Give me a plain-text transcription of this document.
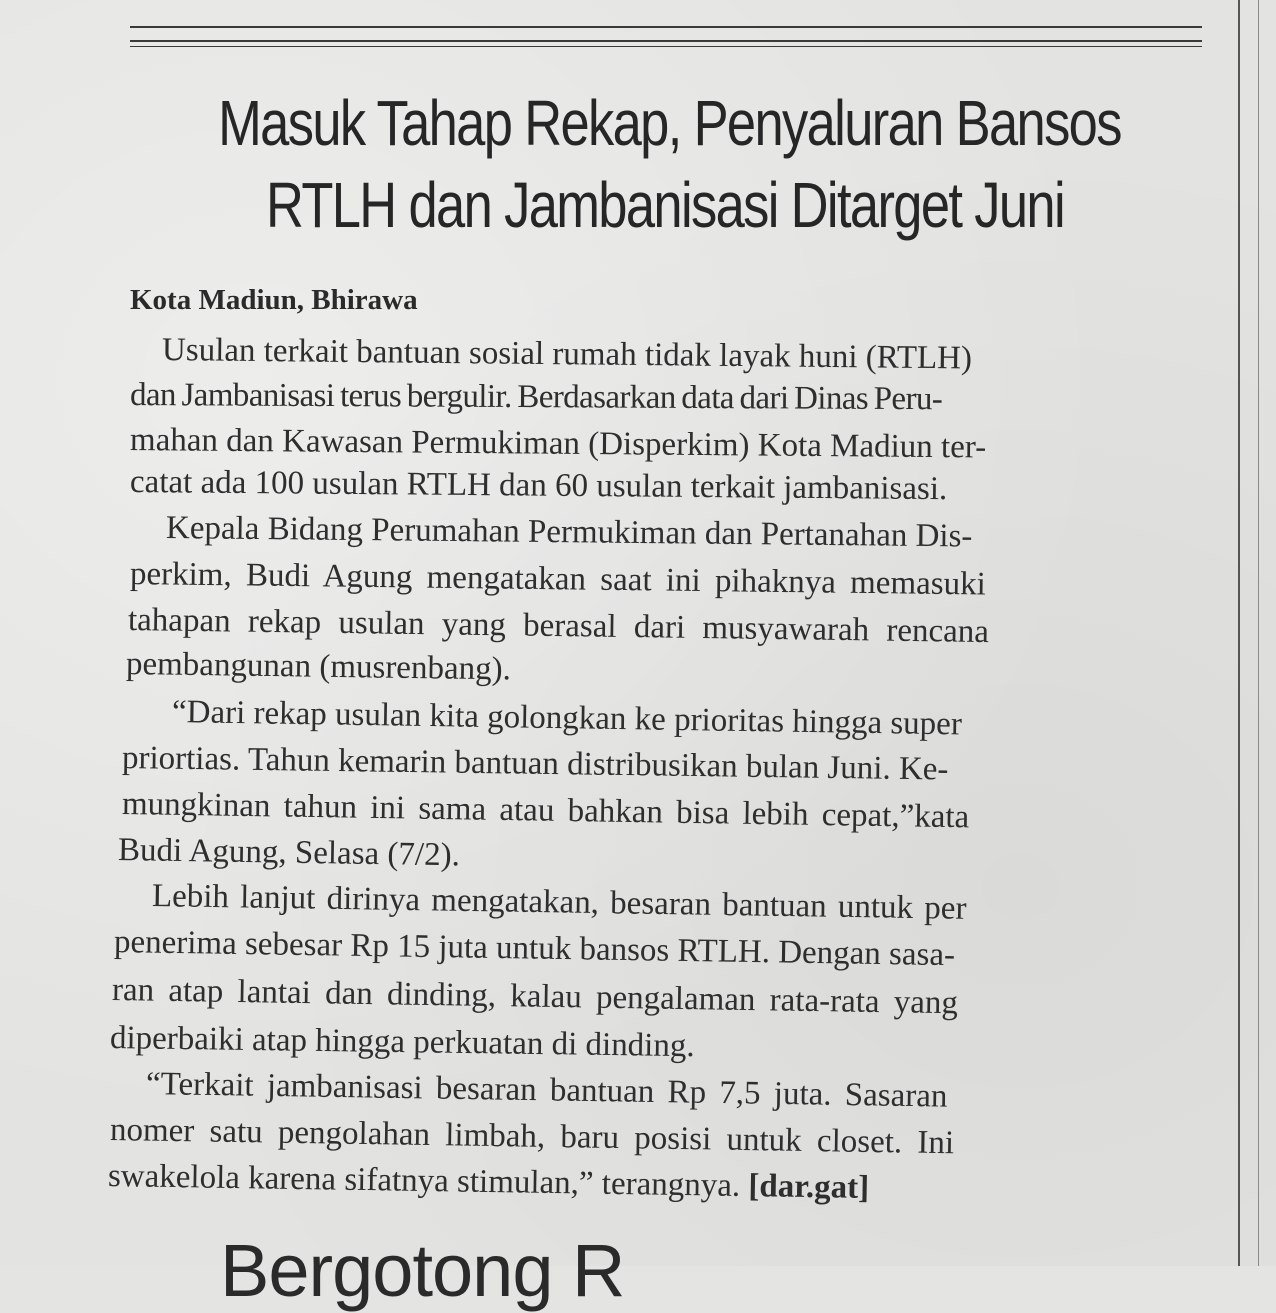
Masuk Tahap Rekap, Penyaluran Bansos
RTLH dan Jambanisasi Ditarget Juni
Kota Madiun, Bhirawa
Usulan terkait bantuan sosial rumah tidak layak huni (RTLH)
dan Jambanisasi terus bergulir. Berdasarkan data dari Dinas Peru-
mahan dan Kawasan Permukiman (Disperkim) Kota Madiun ter-
catat ada 100 usulan RTLH dan 60 usulan terkait jambanisasi.
Kepala Bidang Perumahan Permukiman dan Pertanahan Dis-
perkim, Budi Agung mengatakan saat ini pihaknya memasuki
tahapan rekap usulan yang berasal dari musyawarah rencana
pembangunan (musrenbang).
“Dari rekap usulan kita golongkan ke prioritas hingga super
priortias. Tahun kemarin bantuan distribusikan bulan Juni. Ke-
mungkinan tahun ini sama atau bahkan bisa lebih cepat,”kata
Budi Agung, Selasa (7/2).
Lebih lanjut dirinya mengatakan, besaran bantuan untuk per
penerima sebesar Rp 15 juta untuk bansos RTLH. Dengan sasa-
ran atap lantai dan dinding, kalau pengalaman rata-rata yang
diperbaiki atap hingga perkuatan di dinding.
“Terkait jambanisasi besaran bantuan Rp 7,5 juta. Sasaran
nomer satu pengolahan limbah, baru posisi untuk closet. Ini
swakelola karena sifatnya stimulan,” terangnya. [dar.gat]
Bergotong R
